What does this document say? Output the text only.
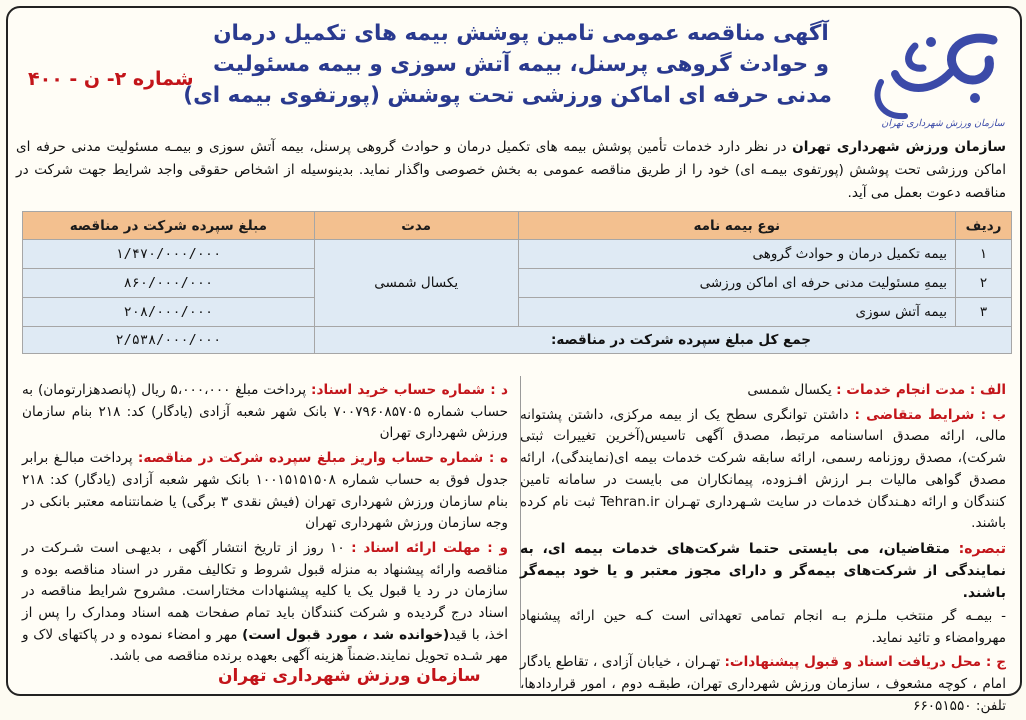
سازمان ورزش شهرداری تهران
آگهی مناقصه عمومی تامین پوشش بیمه های تکمیل درمان
و حوادث گروهی پرسنل، بیمه آتش سوزی و بیمه مسئولیت
مدنی حرفه ای اماکن ورزشی تحت پوشش (پورتفوی بیمه ای)
شماره ۲- ن - ۴۰۰
سازمان ورزش شهرداری تهران در نظر دارد خدمات تأمین پوشش بیمه های تکمیل درمان و حوادث گروهی پرسنل، بیمه آتش سوزی و بیمـه مسئولیت مدنی حرفه ای اماکن ورزشی تحت پوشش (پورتفوی بیمـه ای) خود را از طریق مناقصه عمومی به بخش خصوصی واگذار نماید. بدینوسیله از اشخاص حقوقی واجد شرایط جهت شرکت در مناقصه دعوت بعمل می آید.
ردیف	نوع بیمه نامه	مدت	مبلغ سپرده شرکت در مناقصه
۱	بیمه تکمیل درمان و حوادث گروهی	یکسال شمسی	۱/۴۷۰/۰۰۰/۰۰۰
۲	بیمهِ مسئولیت مدنی حرفه ای اماکن ورزشی		۸۶۰/۰۰۰/۰۰۰
۳	بیمه آتش سوزی		۲۰۸/۰۰۰/۰۰۰
جمع کل مبلغ سپرده شرکت در مناقصه:			۲/۵۳۸/۰۰۰/۰۰۰

الف : مدت انجام خدمات : یکسال شمسی

ب : شرایط متقاضی : داشتن توانگری سطح یک از بیمه مرکزی، داشتن پشتوانه مالی، ارائه مصدق اساسنامه مرتبط، مصدق آگهی تاسیس(آخرین تغییرات ثبتی شرکت)، مصدق روزنامه رسمی، ارائه سابقه شرکت خدمات بیمه ای(نمایندگی)، ارائه مصدق گواهی مالیات بـر ارزش افـزوده، پیمانکاران می بایست در سامانه تامین کنندگان و ارائه دهـندگان خدمات در سایت شـهرداری تهـران Tehran.ir ثبت نام کرده باشند.

تبصره: متقاضیان، می بایستی حتما شرکت‌های خدمات بیمه ای، به نمایندگی از شرکت‌های بیمه‌گر و دارای مجوز معتبر و یا خود بیمه‌گر باشند.

- بیمـه گر منتخب ملـزم بـه انجام تمامی تعهداتی است کـه حین ارائه پیشنهاد مهروامضاء و تائید نماید.

ج : محل دریافت اسناد و قبول پیشنهادات: تهـران ، خیابان آزادی ، تقاطع یادگار امام ، کوچه مشعوف ، سازمان ورزش شهرداری تهران، طبقـه دوم ، امور قراردادها، تلفن: ۶۶۰۵۱۵۵۰

د : شماره حساب خرید اسناد: پرداخت مبلغ ۵،۰۰۰،۰۰۰ ریال (پانصدهزارتومان) به حساب شماره ۷۰۰۷۹۶۰۸۵۷۰۵ بانک شهر شعبه آزادی (یادگار) کد: ۲۱۸ بنام سازمان ورزش شهرداری تهران

ه : شماره حساب واریز مبلغ سپرده شرکت در مناقصه: پرداخت مبالـغ برابر جدول فوق به حساب شماره ۱۰۰۱۵۱۵۱۵۰۸ بانک شهر شعبه آزادی (یادگار) کد: ۲۱۸ بنام سازمان ورزش شهرداری تهران (فیش نقدی ۳ برگی) یا ضمانتنامه معتبر بانکی در وجه سازمان ورزش شهرداری تهران

و : مهلت ارائه اسناد : ۱۰ روز از تاریخ انتشار آگهی ، بدیهـی است شـرکت در مناقصه وارائه پیشنهاد به منزله قبول شروط و تکالیف مقرر در اسناد مناقصه بوده و سازمان در رد یا قبول یک یا کلیه پیشنهادات مختاراست. مشروح شرایط مناقصه در اسناد درج گردیده و شرکت کنندگان باید تمام صفحات همه اسناد ومدارک را پس از اخذ، با قید(خوانده شد ، مورد قبول است) مهر و امضاء نموده و در پاکتهای لاک و مهر شـده تحویل نمایند.ضمناً هزینه آگهی بعهده برنده مناقصه می باشد.

سازمان ورزش شهرداری تهران
